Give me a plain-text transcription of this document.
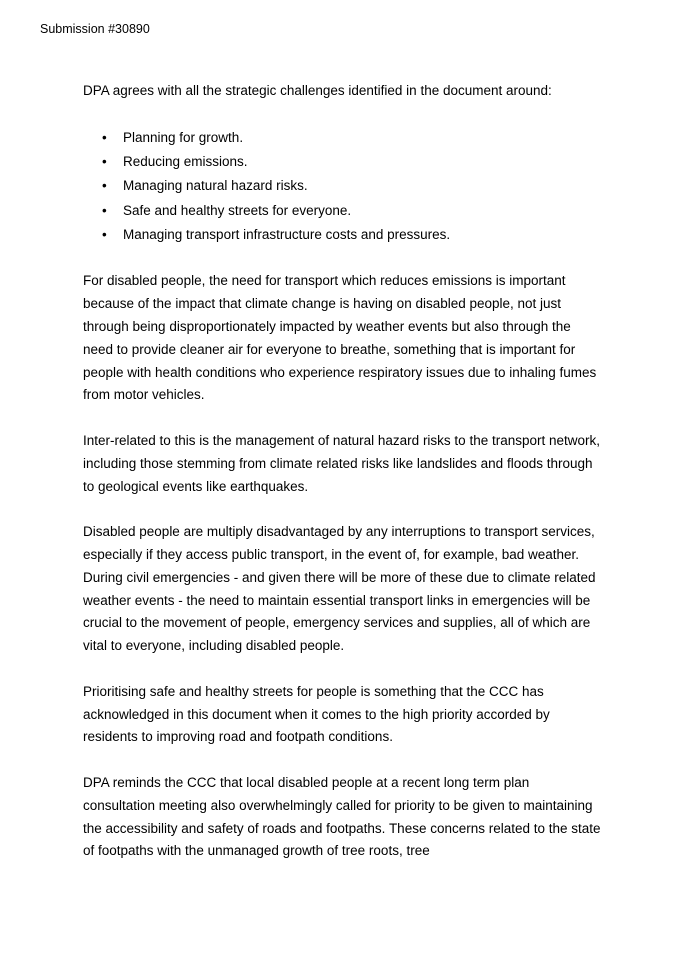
Submission #30890

DPA agrees with all the strategic challenges identified in the document around:

• Planning for growth.
• Reducing emissions.
• Managing natural hazard risks.
• Safe and healthy streets for everyone.
• Managing transport infrastructure costs and pressures.

For disabled people, the need for transport which reduces emissions is important because of the impact that climate change is having on disabled people, not just through being disproportionately impacted by weather events but also through the need to provide cleaner air for everyone to breathe, something that is important for people with health conditions who experience respiratory issues due to inhaling fumes from motor vehicles.

Inter-related to this is the management of natural hazard risks to the transport network, including those stemming from climate related risks like landslides and floods through to geological events like earthquakes.

Disabled people are multiply disadvantaged by any interruptions to transport services, especially if they access public transport, in the event of, for example, bad weather. During civil emergencies - and given there will be more of these due to climate related weather events - the need to maintain essential transport links in emergencies will be crucial to the movement of people, emergency services and supplies, all of which are vital to everyone, including disabled people.

Prioritising safe and healthy streets for people is something that the CCC has acknowledged in this document when it comes to the high priority accorded by residents to improving road and footpath conditions.

DPA reminds the CCC that local disabled people at a recent long term plan consultation meeting also overwhelmingly called for priority to be given to maintaining the accessibility and safety of roads and footpaths. These concerns related to the state of footpaths with the unmanaged growth of tree roots, tree
